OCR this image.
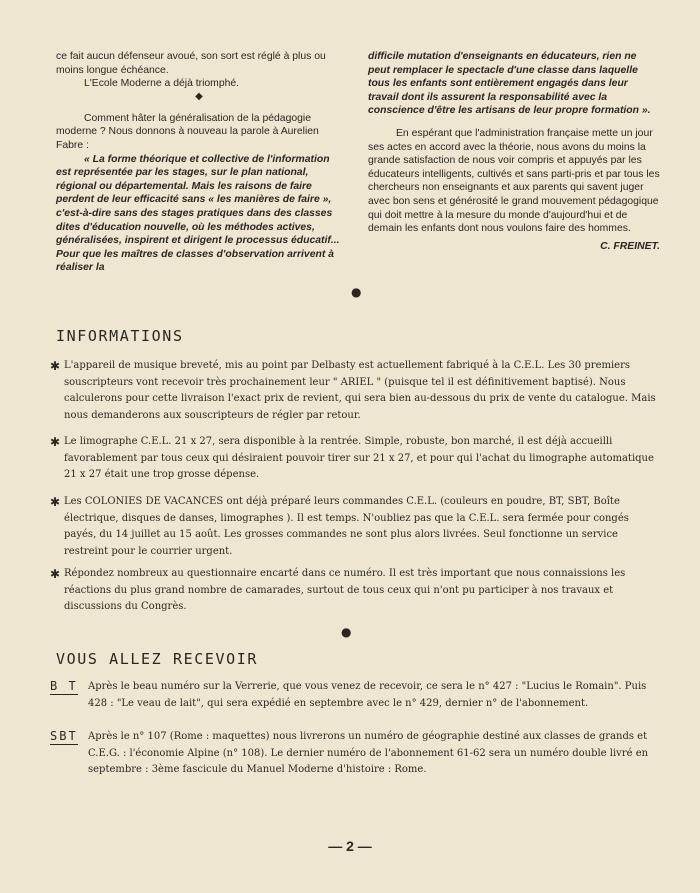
ce fait aucun défenseur avoué, son sort est réglé à plus ou moins longue échéance.

L'Ecole Moderne a déjà triomphé.

◆

Comment hâter la généralisation de la pédagogie moderne ? Nous donnons à nouveau la parole à Aurelien Fabre :

« La forme théorique et collective de l'information est représentée par les stages, sur le plan national, régional ou départemental. Mais les raisons de faire perdent de leur efficacité sans « les manières de faire », c'est-à-dire sans des stages pratiques dans des classes dites d'éducation nouvelle, où les méthodes actives, généralisées, inspirent et dirigent le processus éducatif... Pour que les maîtres de classes d'observation arrivent à réaliser la

difficile mutation d'enseignants en éducateurs, rien ne peut remplacer le spectacle d'une classe dans laquelle tous les enfants sont entièrement engagés dans leur travail dont ils assurent la responsabilité avec la conscience d'être les artisans de leur propre formation ».

En espérant que l'administration française mette un jour ses actes en accord avec la théorie, nous avons du moins la grande satisfaction de nous voir compris et appuyés par les éducateurs intelligents, cultivés et sans parti-pris et par tous les chercheurs non enseignants et aux parents qui savent juger avec bon sens et générosité le grand mouvement pédagogique qui doit mettre à la mesure du monde d'aujourd'hui et de demain les enfants dont nous voulons faire des hommes.

C. FREINET.

●
INFORMATIONS
✱ L'appareil de musique breveté, mis au point par Delbasty est actuellement fabriqué à la C.E.L. Les 30 premiers souscripteurs vont recevoir très prochainement leur " ARIEL " (puisque tel il est définitivement baptisé). Nous calculerons pour cette livraison l'exact prix de revient, qui sera bien au-dessous du prix de vente du catalogue. Mais nous demanderons aux souscripteurs de régler par retour.
✱ Le limographe C.E.L. 21 x 27, sera disponible à la rentrée. Simple, robuste, bon marché, il est déjà accueilli favorablement par tous ceux qui désiraient pouvoir tirer sur 21 x 27, et pour qui l'achat du limographe automatique 21 x 27 était une trop grosse dépense.
✱ Les COLONIES DE VACANCES ont déjà préparé leurs commandes C.E.L. (couleurs en poudre, BT, SBT, Boîte électrique, disques de danses, limographes ). Il est temps. N'oubliez pas que la C.E.L. sera fermée pour congés payés, du 14 juillet au 15 août. Les grosses commandes ne sont plus alors livrées. Seul fonctionne un service restreint pour le courrier urgent.
✱ Répondez nombreux au questionnaire encarté dans ce numéro. Il est très important que nous connaissions les réactions du plus grand nombre de camarades, surtout de tous ceux qui n'ont pu participer à nos travaux et discussions du Congrès.
●
VOUS ALLEZ RECEVOIR
B T Après le beau numéro sur la Verrerie, que vous venez de recevoir, ce sera le n° 427 : "Lucius le Romain". Puis 428 : "Le veau de lait", qui sera expédié en septembre avec le n° 429, dernier n° de l'abonnement.
SBT Après le n° 107 (Rome : maquettes) nous livrerons un numéro de géographie destiné aux classes de grands et C.E.G. : l'économie Alpine (n° 108). Le dernier numéro de l'abonnement 61-62 sera un numéro double livré en septembre : 3ème fascicule du Manuel Moderne d'histoire : Rome.
— 2 —
